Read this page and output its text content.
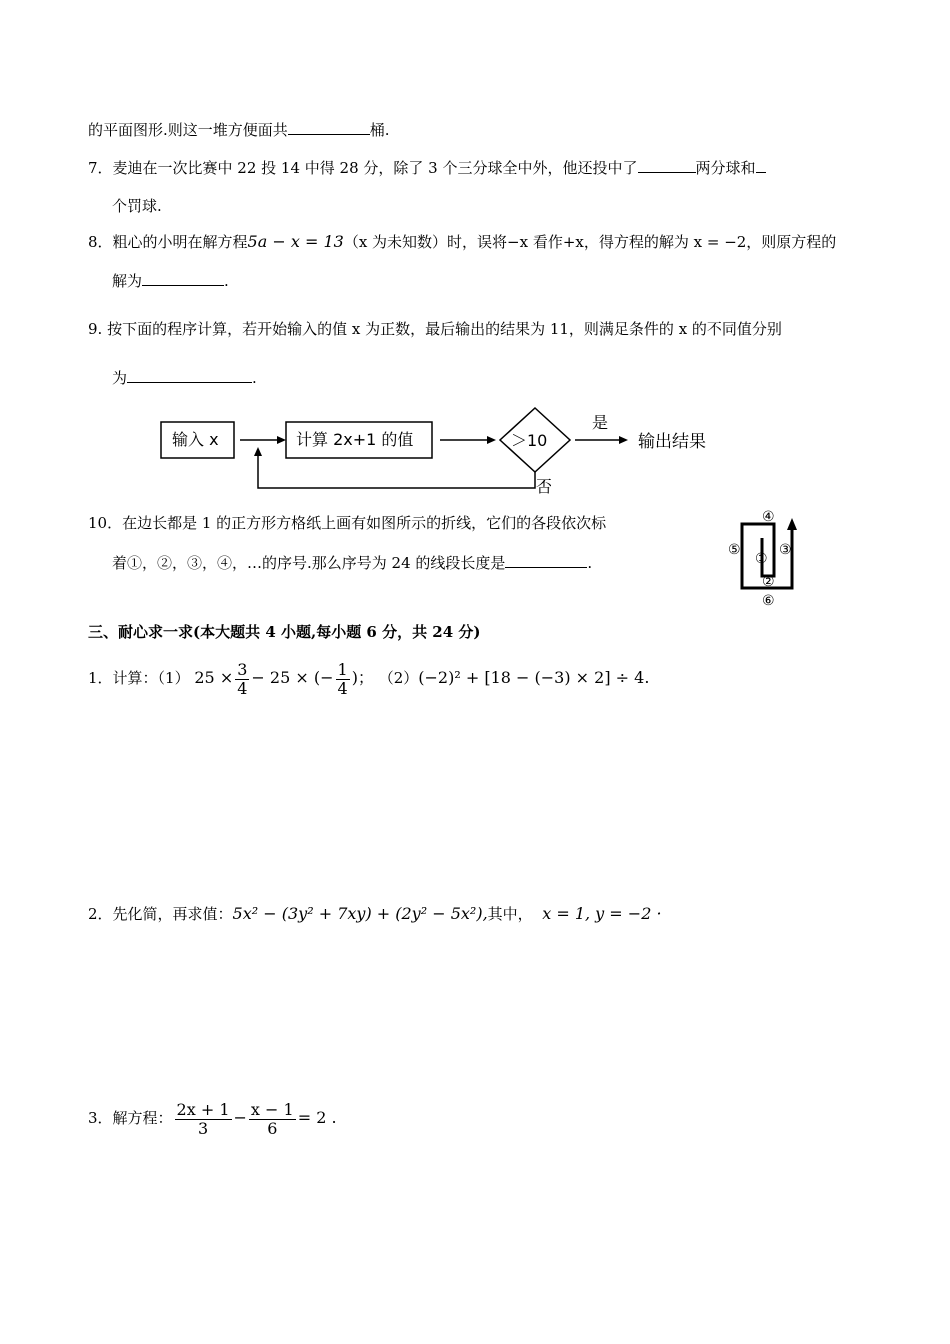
的平面图形.则这一堆方便面共	桶.
7．麦迪在一次比赛中 22 投 14 中得 28 分，除了 3 个三分球全中外，他还投中了	两分球和
个罚球.
8．粗心的小明在解方程5a − x = 13（x 为未知数）时，误将−x 看作+x，得方程的解为 x = −2，则原方程的
解为	.
9. 按下面的程序计算，若开始输入的值 x 为正数，最后输出的结果为 11，则满足条件的 x 的不同值分别
为	.
输入 x	计算 2x+1 的值	＞10
是
输出结果
否
10．在边长都是 1 的正方形方格纸上画有如图所示的折线，它们的各段依次标
着①，②，③，④，…的序号.那么序号为 24 的线段长度是	.	①
②
③
④
⑤
⑥
三、耐心求一求(本大题共 4 小题,每小题 6 分，共 24 分)
1．计算：（1） $25 \times \frac{3}{4} - 25$ × (− $\frac{1}{4}$ )； （2）(−2)² + [18 − (−3) × 2] ÷ 4.
2．先化简，再求值：5x² − (3y² + 7xy) + (2y² − 5x²),其中， x = 1, y = −2 ·
3．解方程： $\frac{2x + 1}{3} - \frac{x - 1}{6} = 2$ .
